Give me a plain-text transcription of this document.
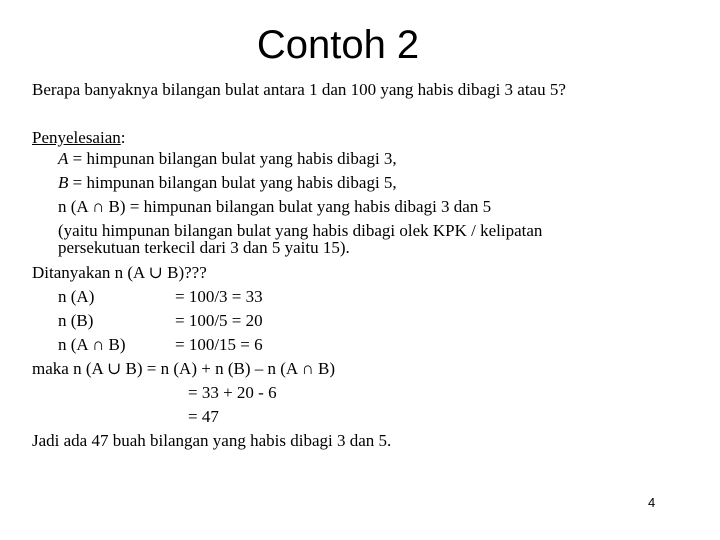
Contoh 2
Berapa banyaknya bilangan bulat antara 1 dan 100 yang habis dibagi 3 atau 5?
Penyelesaian:
A = himpunan bilangan bulat yang habis dibagi 3,
B = himpunan bilangan bulat yang habis dibagi 5,
n (A ∩ B) = himpunan bilangan bulat yang habis dibagi 3 dan 5
(yaitu himpunan bilangan bulat yang habis dibagi olek KPK / kelipatan
persekutuan terkecil dari 3 dan 5 yaitu 15).
Ditanyakan n (A ∪ B)???
n (A)	= 100/3 = 33
n (B)	= 100/5 = 20
n (A ∩ B)	= 100/15 = 6
maka n (A ∪ B) = n (A) + n (B) – n (A ∩ B)
= 33 + 20 - 6
= 47
Jadi ada 47 buah bilangan yang habis dibagi 3 dan 5.
4
